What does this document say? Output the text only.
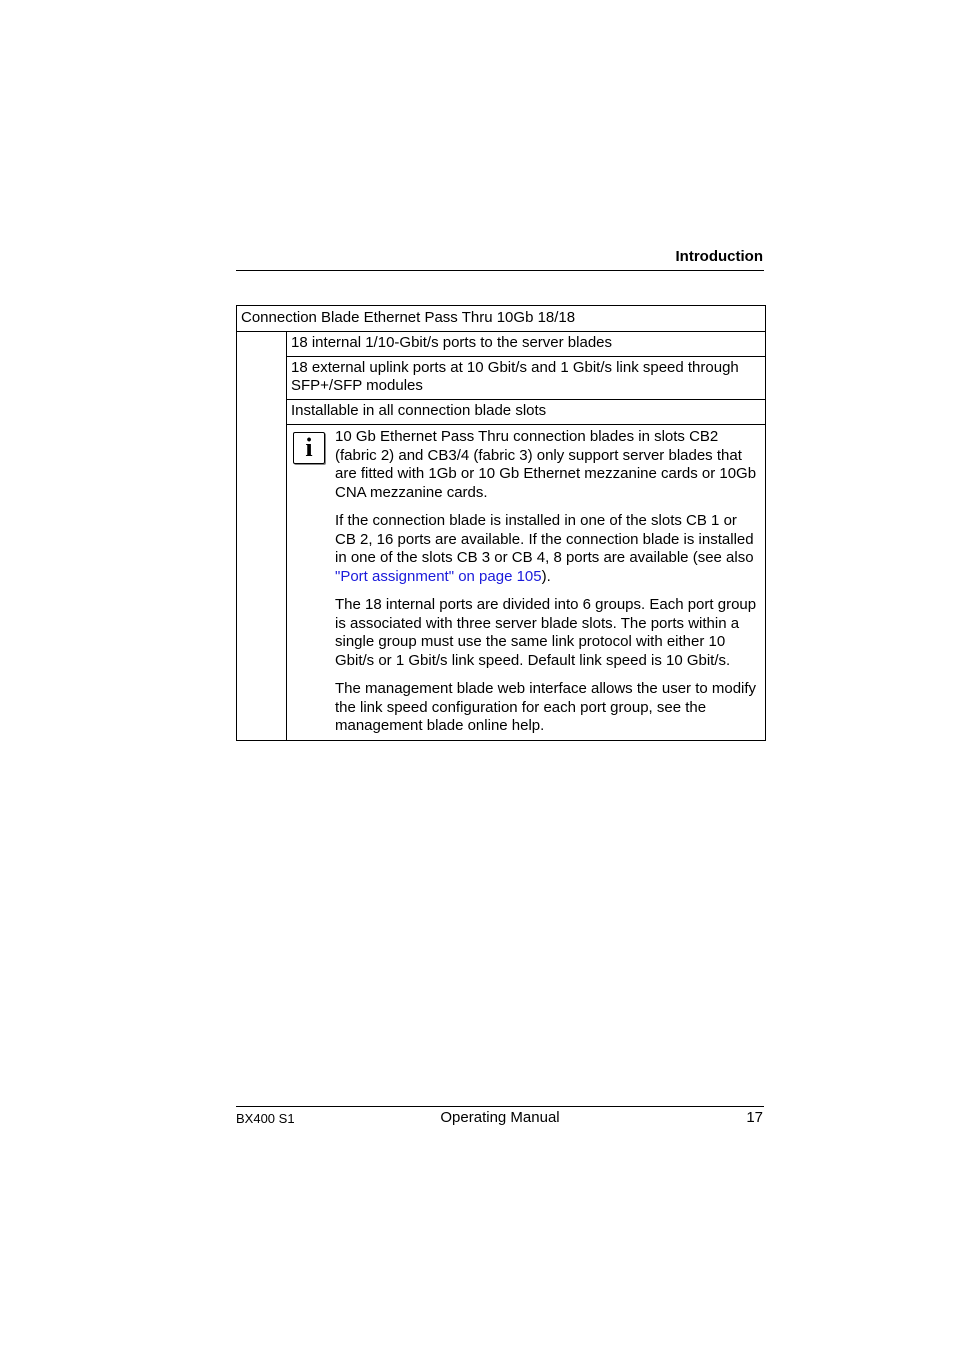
Introduction
Connection Blade Ethernet Pass Thru 10Gb 18/18
18 internal 1/10-Gbit/s ports to the server blades
18 external uplink ports at 10 Gbit/s and 1 Gbit/s link speed through SFP+/SFP modules
Installable in all connection blade slots
i	10 Gb Ethernet Pass Thru connection blades in slots CB2 (fabric 2) and CB3/4 (fabric 3) only support server blades that are fitted with 1Gb or 10 Gb Ethernet mezzanine cards or 10Gb CNA mezzanine cards.

If the connection blade is installed in one of the slots CB 1 or CB 2, 16 ports are available. If the connection blade is installed in one of the slots CB 3 or CB 4, 8 ports are available (see also "Port assignment" on page 105).

The 18 internal ports are divided into 6 groups. Each port group is associated with three server blade slots. The ports within a single group must use the same link protocol with either 10 Gbit/s or 1 Gbit/s link speed. Default link speed is 10 Gbit/s.

The management blade web interface allows the user to modify the link speed configuration for each port group, see the management blade online help.

BX400 S1	Operating Manual	17
